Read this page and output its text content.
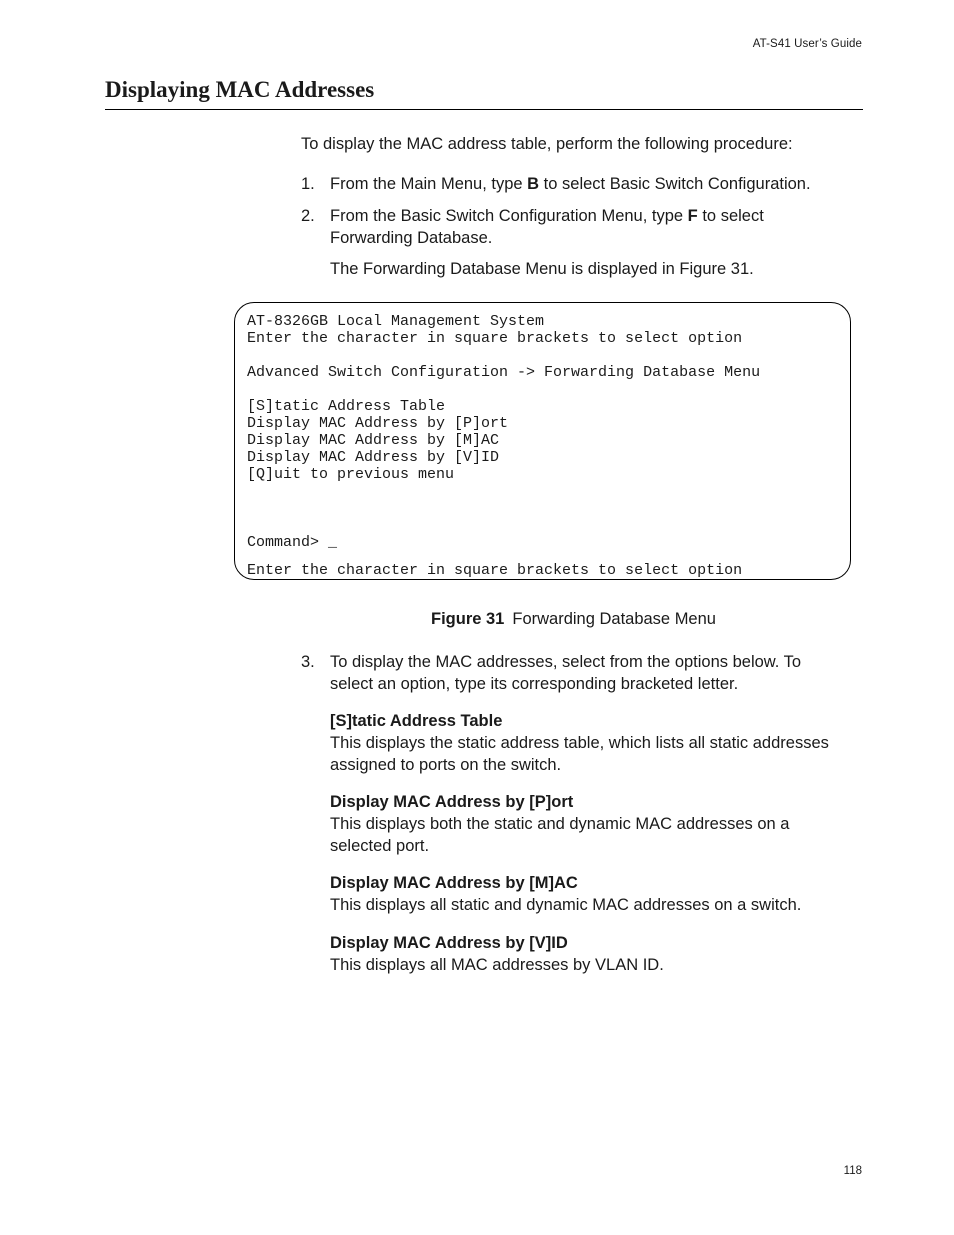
AT-S41 User’s Guide
Displaying MAC Addresses
To display the MAC address table, perform the following procedure:
1. From the Main Menu, type B to select Basic Switch Configuration.
2. From the Basic Switch Configuration Menu, type F to select Forwarding Database.
The Forwarding Database Menu is displayed in Figure 31.
AT-8326GB Local Management System
Enter the character in square brackets to select option

Advanced Switch Configuration -> Forwarding Database Menu

[S]tatic Address Table
Display MAC Address by [P]ort
Display MAC Address by [M]AC
Display MAC Address by [V]ID
[Q]uit to previous menu

Command> _
Enter the character in square brackets to select option
Figure 31 Forwarding Database Menu
3. To display the MAC addresses, select from the options below. To select an option, type its corresponding bracketed letter.
[S]tatic Address Table
This displays the static address table, which lists all static addresses assigned to ports on the switch.
Display MAC Address by [P]ort
This displays both the static and dynamic MAC addresses on a selected port.
Display MAC Address by [M]AC
This displays all static and dynamic MAC addresses on a switch.
Display MAC Address by [V]ID
This displays all MAC addresses by VLAN ID.
118
